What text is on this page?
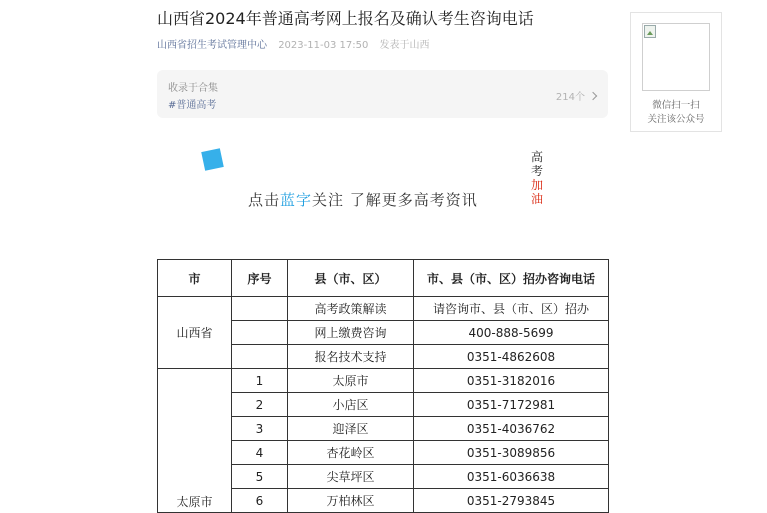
山西省2024年普通高考网上报名及确认考生咨询电话
山西省招生考试管理中心 2023-11-03 17:50 发表于山西
收录于合集
#普通高考
214个
微信扫一扫
关注该公众号
点击蓝字关注 了解更多高考资讯
高
考
加
油
市	序号	县（市、区）	市、县（市、区）招办咨询电话
山西省		高考政策解读	请咨询市、县（市、区）招办
		网上缴费咨询	400-888-5699
		报名技术支持	0351-4862608
太原市	1	太原市	0351-3182016
	2	小店区	0351-7172981
	3	迎泽区	0351-4036762
	4	杏花岭区	0351-3089856
	5	尖草坪区	0351-6036638
	6	万柏林区	0351-2793845
